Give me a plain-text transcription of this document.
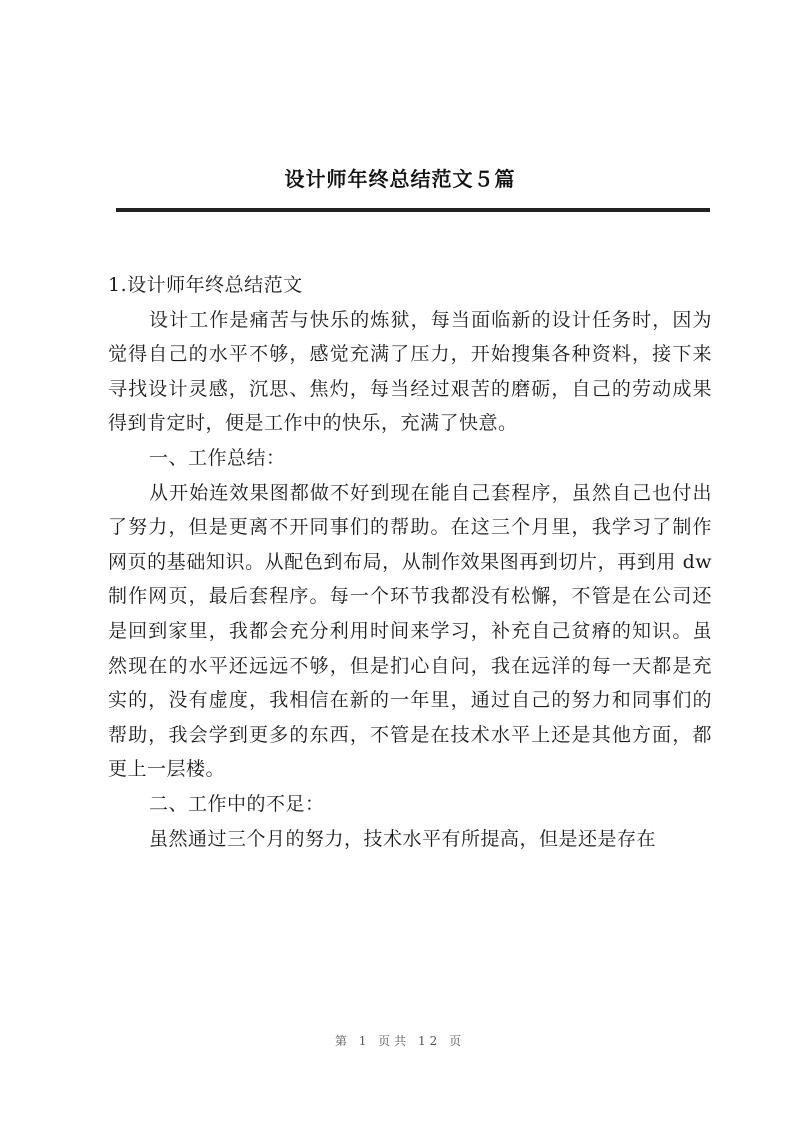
设计师年终总结范文５篇

1.设计师年终总结范文

设计工作是痛苦与快乐的炼狱，每当面临新的设计任务时，因为觉得自己的水平不够，感觉充满了压力，开始搜集各种资料，接下来寻找设计灵感，沉思、焦灼，每当经过艰苦的磨砺，自己的劳动成果得到肯定时，便是工作中的快乐，充满了快意。

一、工作总结：

从开始连效果图都做不好到现在能自己套程序，虽然自己也付出了努力，但是更离不开同事们的帮助。在这三个月里，我学习了制作网页的基础知识。从配色到布局，从制作效果图再到切片，再到用 dw 制作网页，最后套程序。每一个环节我都没有松懈，不管是在公司还是回到家里，我都会充分利用时间来学习，补充自己贫瘠的知识。虽然现在的水平还远远不够，但是扪心自问，我在远洋的每一天都是充实的，没有虚度，我相信在新的一年里，通过自己的努力和同事们的帮助，我会学到更多的东西，不管是在技术水平上还是其他方面，都更上一层楼。

二、工作中的不足：

虽然通过三个月的努力，技术水平有所提高，但是还是存在

第 1 页共 12 页
